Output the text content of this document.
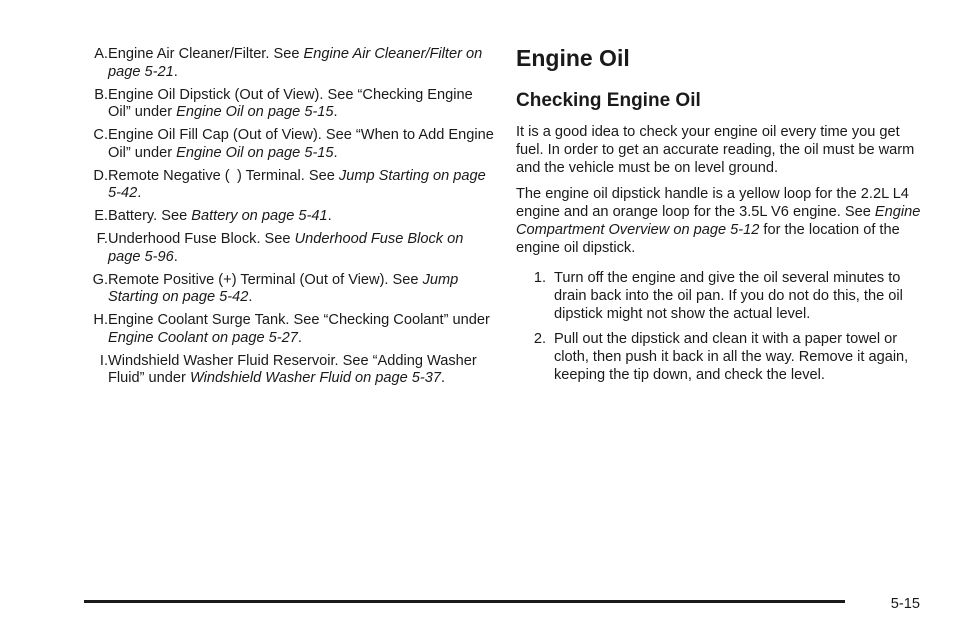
A. Engine Air Cleaner/Filter. See Engine Air Cleaner/Filter on page 5-21.
B. Engine Oil Dipstick (Out of View). See “Checking Engine Oil” under Engine Oil on page 5-15.
C. Engine Oil Fill Cap (Out of View). See “When to Add Engine Oil” under Engine Oil on page 5-15.
D. Remote Negative ( ) Terminal. See Jump Starting on page 5-42.
E. Battery. See Battery on page 5-41.
F. Underhood Fuse Block. See Underhood Fuse Block on page 5-96.
G. Remote Positive (+) Terminal (Out of View). See Jump Starting on page 5-42.
H. Engine Coolant Surge Tank. See “Checking Coolant” under Engine Coolant on page 5-27.
I. Windshield Washer Fluid Reservoir. See “Adding Washer Fluid” under Windshield Washer Fluid on page 5-37.
Engine Oil
Checking Engine Oil

It is a good idea to check your engine oil every time you get fuel. In order to get an accurate reading, the oil must be warm and the vehicle must be on level ground.

The engine oil dipstick handle is a yellow loop for the 2.2L L4 engine and an orange loop for the 3.5L V6 engine. See Engine Compartment Overview on page 5-12 for the location of the engine oil dipstick.

1. Turn off the engine and give the oil several minutes to drain back into the oil pan. If you do not do this, the oil dipstick might not show the actual level.
2. Pull out the dipstick and clean it with a paper towel or cloth, then push it back in all the way. Remove it again, keeping the tip down, and check the level.
5-15
